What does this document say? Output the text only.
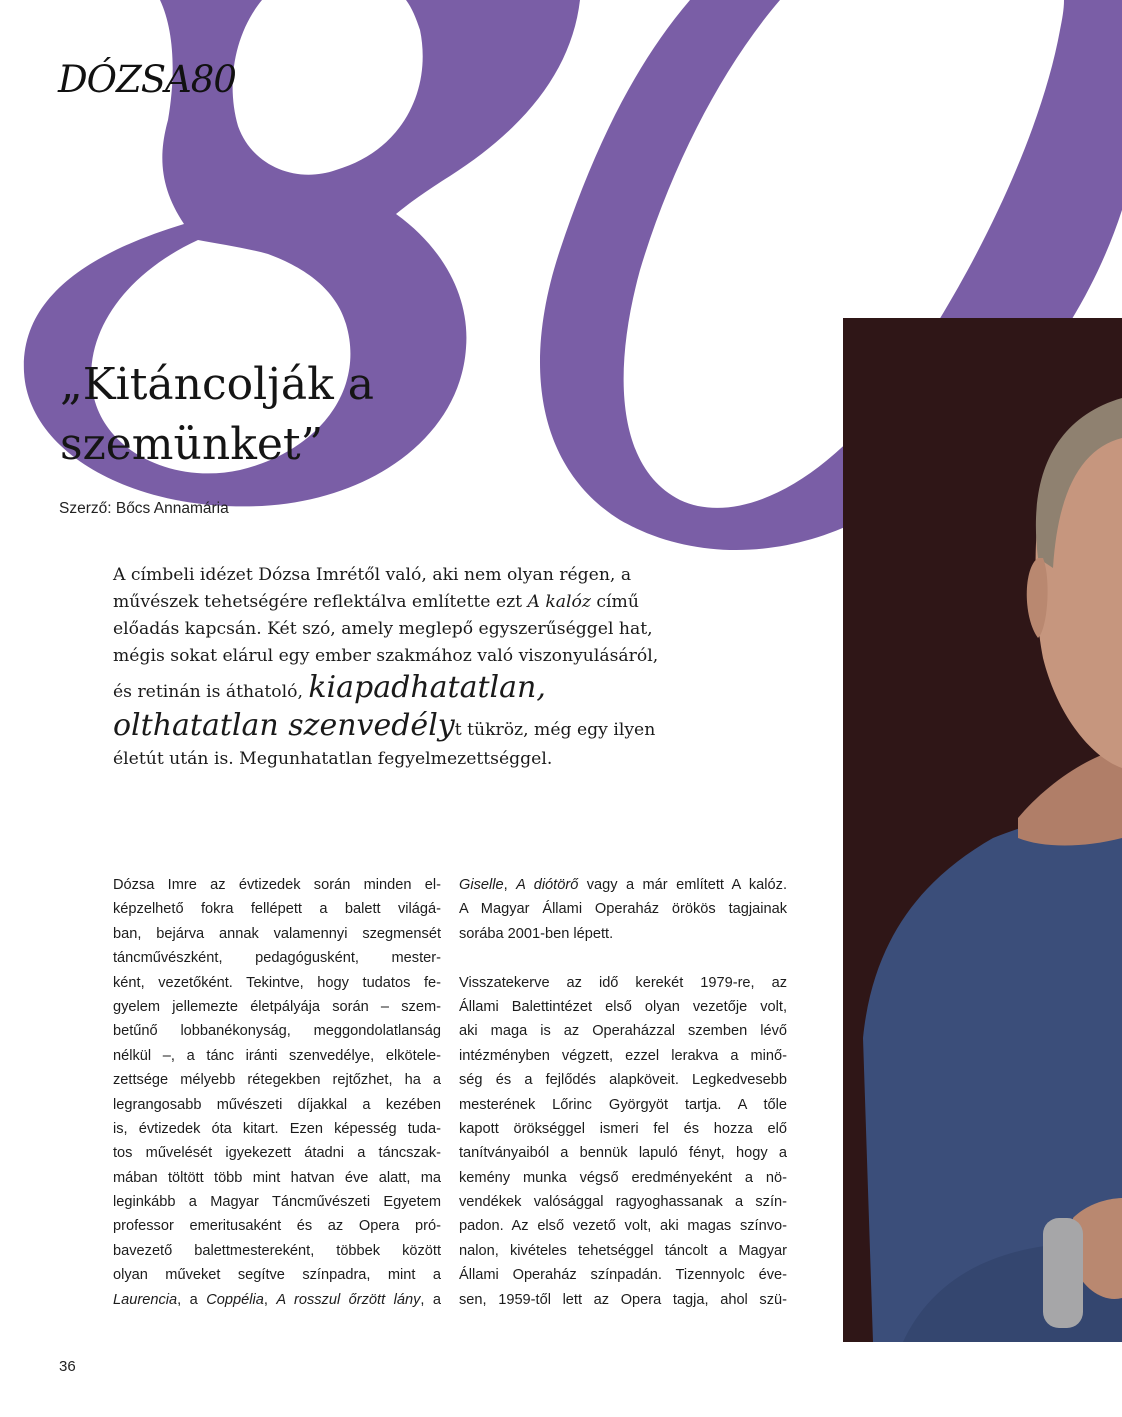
DÓZSA80
„Kitáncolják a
szemünket”
Szerző: Bőcs Annamária
A címbeli idézet Dózsa Imrétől való, aki nem olyan régen, a
művészek tehetségére reflektálva említette ezt A kalóz című
előadás kapcsán. Két szó, amely meglepő egyszerűséggel hat,
mégis sokat elárul egy ember szakmához való viszonyulásáról,
és retinán is áthatoló, kiapadhatatlan,
olthatatlan szenvedélyt tükröz, még egy ilyen
életút után is. Megunhatatlan fegyelmezettséggel.
Dózsa Imre az évtizedek során minden el-
képzelhető fokra fellépett a balett világá-
ban, bejárva annak valamennyi szegmensét
táncművészként, pedagógusként, mester-
ként, vezetőként. Tekintve, hogy tudatos fe-
gyelem jellemezte életpályája során – szem-
betűnő lobbanékonyság, meggondolatlanság
nélkül –, a tánc iránti szenvedélye, elkötele-
zettsége mélyebb rétegekben rejtőzhet, ha a
legrangosabb művészeti díjakkal a kezében
is, évtizedek óta kitart. Ezen képesség tuda-
tos művelését igyekezett átadni a táncszak-
mában töltött több mint hatvan éve alatt, ma
leginkább a Magyar Táncművészeti Egyetem
professor emeritusaként és az Opera pró-
bavezető balettmestereként, többek között
olyan műveket segítve színpadra, mint a
Laurencia, a Coppélia, A rosszul őrzött lány, a
Giselle, A diótörő vagy a már említett A kalóz.
A Magyar Állami Operaház örökös tagjainak
sorába 2001-ben lépett.
Visszatekerve az idő kerekét 1979-re, az
Állami Balettintézet első olyan vezetője volt,
aki maga is az Operaházzal szemben lévő
intézményben végzett, ezzel lerakva a minő-
ség és a fejlődés alapköveit. Legkedvesebb
mesterének Lőrinc Györgyöt tartja. A tőle
kapott örökséggel ismeri fel és hozza elő
tanítványaiból a bennük lapuló fényt, hogy a
kemény munka végső eredményeként a nö-
vendékek valósággal ragyoghassanak a szín-
padon. Az első vezető volt, aki magas színvo-
nalon, kivételes tehetséggel táncolt a Magyar
Állami Operaház színpadán. Tizennyolc éve-
sen, 1959-től lett az Opera tagja, ahol szü-
36
